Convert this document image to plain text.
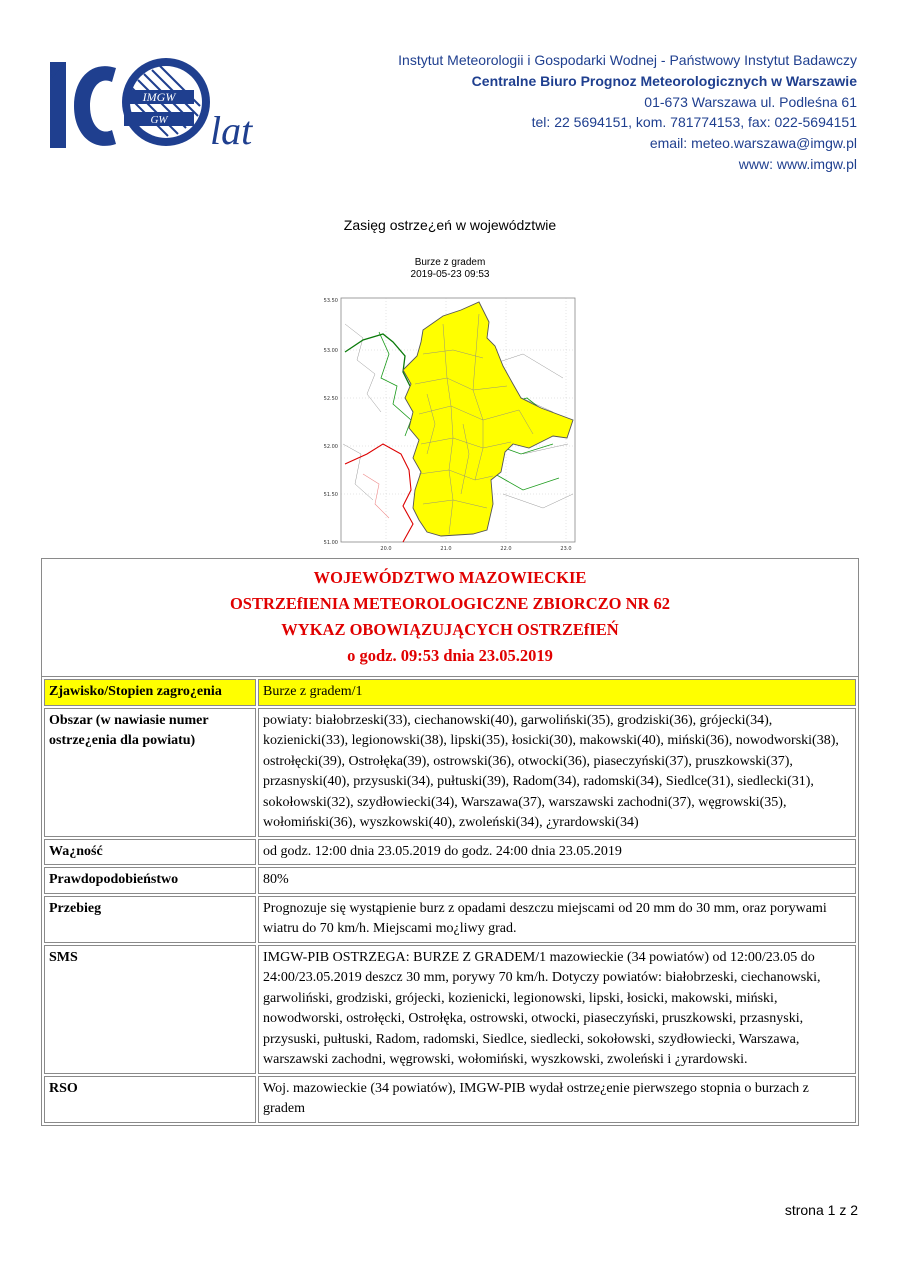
IMGW
GW lat
Instytut Meteorologii i Gospodarki Wodnej - Państwowy Instytut Badawczy
Centralne Biuro Prognoz Meteorologicznych w Warszawie
01-673 Warszawa ul. Podleśna 61
tel: 22 5694151, kom. 781774153, fax: 022-5694151
email: meteo.warszawa@imgw.pl
www: www.imgw.pl
Zasięg ostrze¿eń w województwie
Burze z gradem
2019-05-23 09:53
53.50
53.00
52.50
52.00
51.50
51.00
20.0	21.0	22.0	23.0
WOJEWÓDZTWO MAZOWIECKIE
OSTRZEfIENIA METEOROLOGICZNE ZBIORCZO NR 62
WYKAZ OBOWIĄZUJĄCYCH OSTRZEfIEŃ
o godz. 09:53 dnia 23.05.2019
Zjawisko/Stopien zagro¿enia	Burze z gradem/1
Obszar (w nawiasie numer ostrze¿enia dla powiatu)	powiaty: białobrzeski(33), ciechanowski(40), garwoliński(35), grodziski(36), grójecki(34), kozienicki(33), legionowski(38), lipski(35), łosicki(30), makowski(40), miński(36), nowodworski(38), ostrołęcki(39), Ostrołęka(39), ostrowski(36), otwocki(36), piaseczyński(37), pruszkowski(37), przasnyski(40), przysuski(34), pułtuski(39), Radom(34), radomski(34), Siedlce(31), siedlecki(31), sokołowski(32), szydłowiecki(34), Warszawa(37), warszawski zachodni(37), węgrowski(35), wołomiński(36), wyszkowski(40), zwoleński(34), ¿yrardowski(34)
Wa¿ność	od godz. 12:00 dnia 23.05.2019 do godz. 24:00 dnia 23.05.2019
Prawdopodobieństwo	80%
Przebieg	Prognozuje się wystąpienie burz z opadami deszczu miejscami od 20 mm do 30 mm, oraz porywami wiatru do 70 km/h. Miejscami mo¿liwy grad.
SMS	IMGW-PIB OSTRZEGA: BURZE Z GRADEM/1 mazowieckie (34 powiatów) od 12:00/23.05 do 24:00/23.05.2019 deszcz 30 mm, porywy 70 km/h. Dotyczy powiatów: białobrzeski, ciechanowski, garwoliński, grodziski, grójecki, kozienicki, legionowski, lipski, łosicki, makowski, miński, nowodworski, ostrołęcki, Ostrołęka, ostrowski, otwocki, piaseczyński, pruszkowski, przasnyski, przysuski, pułtuski, Radom, radomski, Siedlce, siedlecki, sokołowski, szydłowiecki, Warszawa, warszawski zachodni, węgrowski, wołomiński, wyszkowski, zwoleński i ¿yrardowski.
RSO	Woj. mazowieckie (34 powiatów), IMGW-PIB wydał ostrze¿enie pierwszego stopnia o burzach z gradem
strona 1 z 2
